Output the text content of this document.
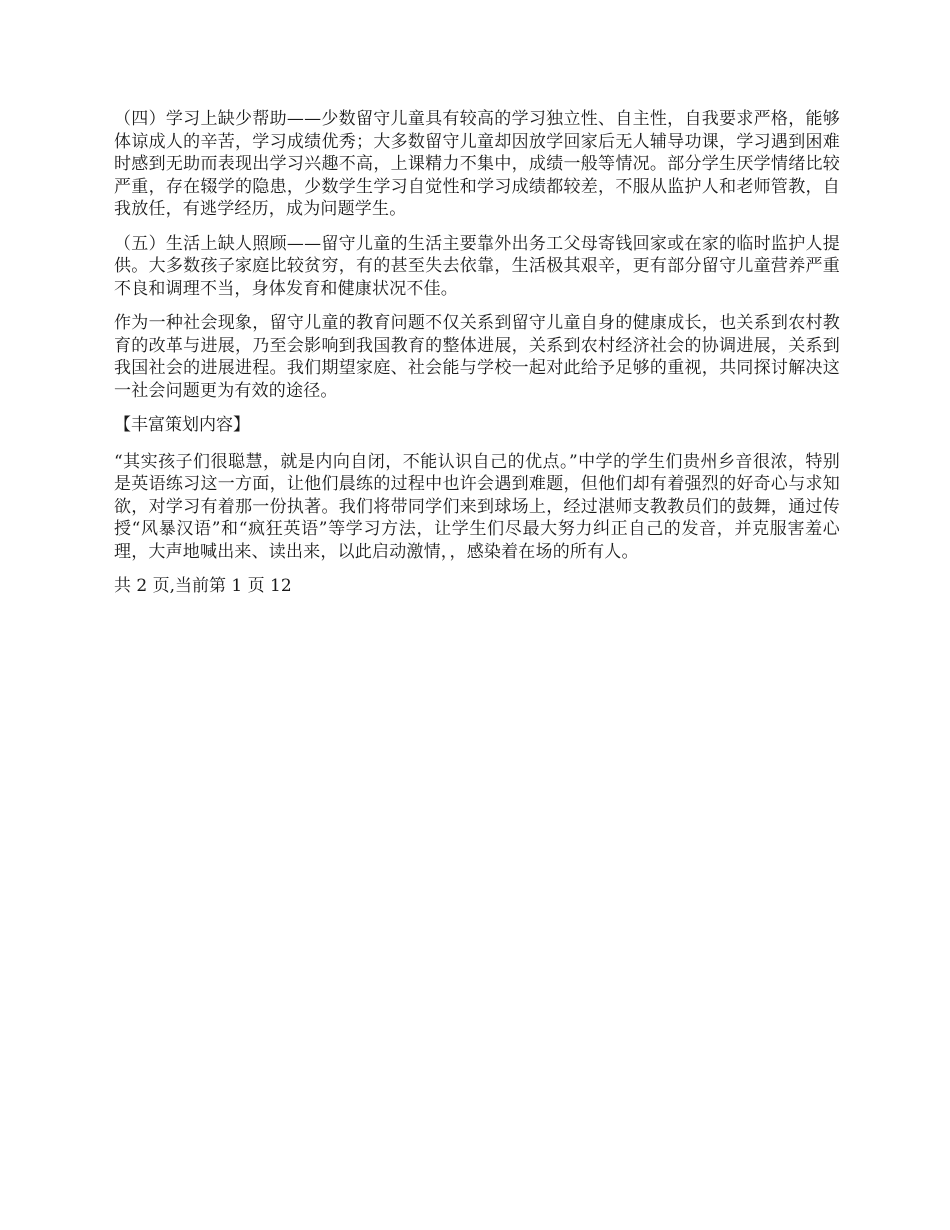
（四）学习上缺少帮助——少数留守儿童具有较高的学习独立性、自主性，自我要求严格，能够体谅成人的辛苦，学习成绩优秀；大多数留守儿童却因放学回家后无人辅导功课，学习遇到困难时感到无助而表现出学习兴趣不高，上课精力不集中，成绩一般等情况。部分学生厌学情绪比较严重，存在辍学的隐患，少数学生学习自觉性和学习成绩都较差，不服从监护人和老师管教，自我放任，有逃学经历，成为问题学生。

（五）生活上缺人照顾——留守儿童的生活主要靠外出务工父母寄钱回家或在家的临时监护人提供。大多数孩子家庭比较贫穷，有的甚至失去依靠，生活极其艰辛，更有部分留守儿童营养严重不良和调理不当，身体发育和健康状况不佳。

作为一种社会现象，留守儿童的教育问题不仅关系到留守儿童自身的健康成长，也关系到农村教育的改革与进展，乃至会影响到我国教育的整体进展，关系到农村经济社会的协调进展，关系到我国社会的进展进程。我们期望家庭、社会能与学校一起对此给予足够的重视，共同探讨解决这一社会问题更为有效的途径。

【丰富策划内容】

“其实孩子们很聪慧，就是内向自闭，不能认识自己的优点。”中学的学生们贵州乡音很浓，特别是英语练习这一方面，让他们晨练的过程中也许会遇到难题，但他们却有着强烈的好奇心与求知欲，对学习有着那一份执著。我们将带同学们来到球场上，经过湛师支教教员们的鼓舞，通过传授“风暴汉语”和“疯狂英语”等学习方法，让学生们尽最大努力纠正自己的发音，并克服害羞心理，大声地喊出来、读出来，以此启动激情，，感染着在场的所有人。

共 2 页,当前第 1 页 12
